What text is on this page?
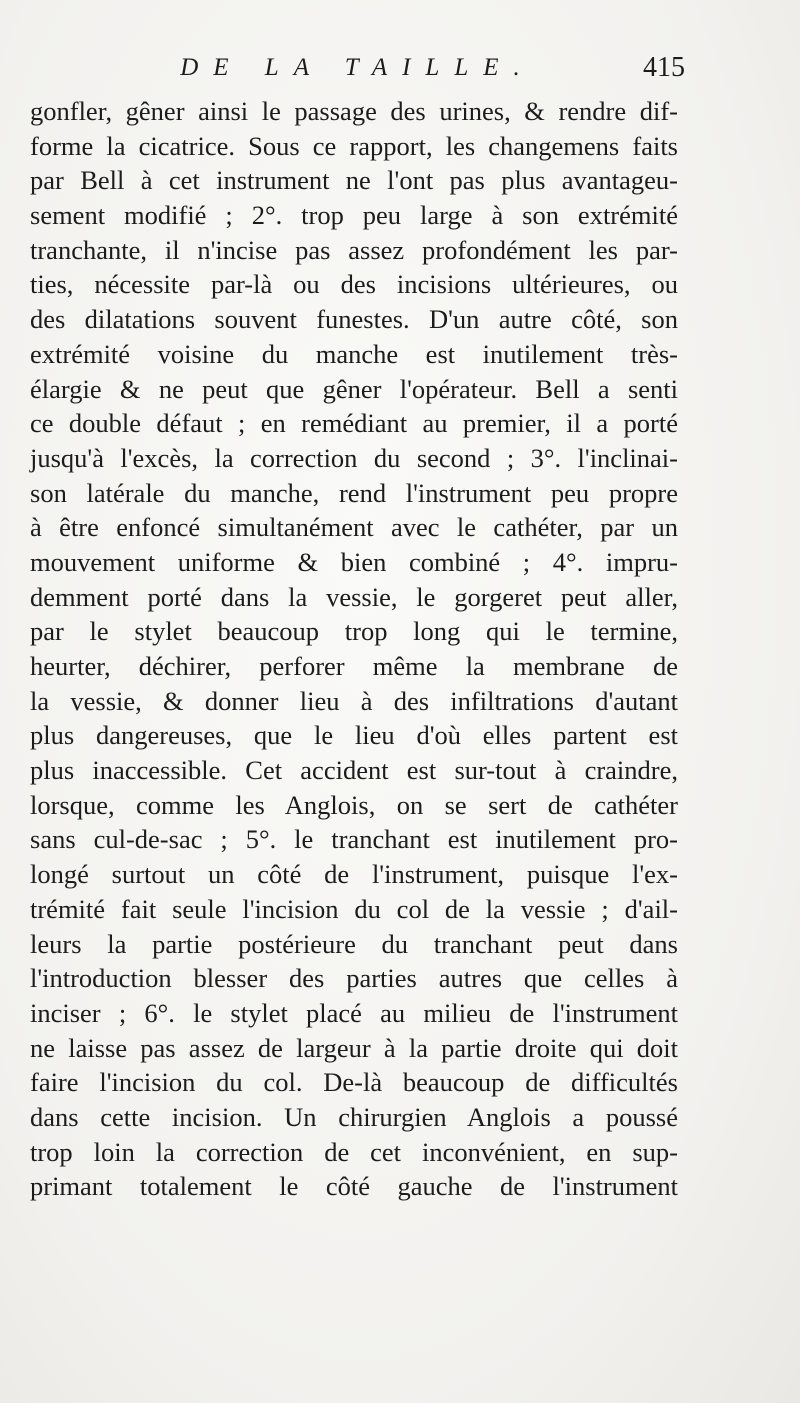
DE LA TAILLE.	415
gonfler, gêner ainsi le passage des urines, & rendre dif-
forme la cicatrice. Sous ce rapport, les changemens faits
par Bell à cet instrument ne l'ont pas plus avantageu-
sement modifié ; 2°. trop peu large à son extrémité
tranchante, il n'incise pas assez profondément les par-
ties, nécessite par-là ou des incisions ultérieures, ou
des dilatations souvent funestes. D'un autre côté, son
extrémité voisine du manche est inutilement très-
élargie & ne peut que gêner l'opérateur. Bell a senti
ce double défaut ; en remédiant au premier, il a porté
jusqu'à l'excès, la correction du second ; 3°. l'inclinai-
son latérale du manche, rend l'instrument peu propre
à être enfoncé simultanément avec le cathéter, par un
mouvement uniforme & bien combiné ; 4°. impru-
demment porté dans la vessie, le gorgeret peut aller,
par le stylet beaucoup trop long qui le termine,
heurter, déchirer, perforer même la membrane de
la vessie, & donner lieu à des infiltrations d'autant
plus dangereuses, que le lieu d'où elles partent est
plus inaccessible. Cet accident est sur-tout à craindre,
lorsque, comme les Anglois, on se sert de cathéter
sans cul-de-sac ; 5°. le tranchant est inutilement pro-
longé surtout un côté de l'instrument, puisque l'ex-
trémité fait seule l'incision du col de la vessie ; d'ail-
leurs la partie postérieure du tranchant peut dans
l'introduction blesser des parties autres que celles à
inciser ; 6°. le stylet placé au milieu de l'instrument
ne laisse pas assez de largeur à la partie droite qui doit
faire l'incision du col. De-là beaucoup de difficultés
dans cette incision. Un chirurgien Anglois a poussé
trop loin la correction de cet inconvénient, en sup-
primant totalement le côté gauche de l'instrument
